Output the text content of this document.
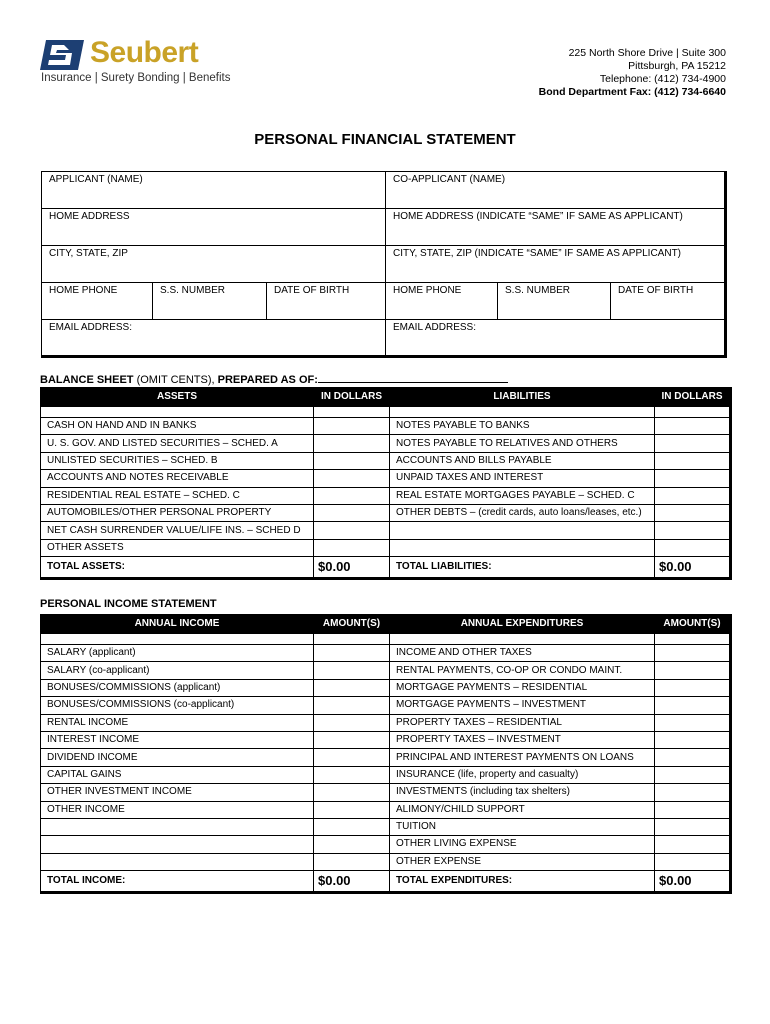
Seubert
Insurance | Surety Bonding | Benefits
225 North Shore Drive | Suite 300
Pittsburgh, PA 15212
Telephone: (412) 734-4900
Bond Department Fax: (412) 734-6640
PERSONAL FINANCIAL STATEMENT
APPLICANT (NAME)	CO-APPLICANT (NAME)
HOME ADDRESS	HOME ADDRESS (INDICATE “SAME” IF SAME AS APPLICANT)
CITY, STATE, ZIP	CITY, STATE, ZIP (INDICATE “SAME” IF SAME AS APPLICANT)
HOME PHONE	S.S. NUMBER	DATE OF BIRTH	HOME PHONE	S.S. NUMBER	DATE OF BIRTH
EMAIL ADDRESS:	EMAIL ADDRESS:
BALANCE SHEET (OMIT CENTS), PREPARED AS OF:
ASSETS	IN DOLLARS	LIABILITIES	IN DOLLARS

CASH ON HAND AND IN BANKS		NOTES PAYABLE TO BANKS	
U. S. GOV. AND LISTED SECURITIES – SCHED. A		NOTES PAYABLE TO RELATIVES AND OTHERS	
UNLISTED SECURITIES – SCHED. B		ACCOUNTS AND BILLS PAYABLE	
ACCOUNTS AND NOTES RECEIVABLE		UNPAID TAXES AND INTEREST	
RESIDENTIAL REAL ESTATE – SCHED. C		REAL ESTATE MORTGAGES PAYABLE – SCHED. C	
AUTOMOBILES/OTHER PERSONAL PROPERTY		OTHER DEBTS – (credit cards, auto loans/leases, etc.)	
NET CASH SURRENDER VALUE/LIFE INS. – SCHED D			
OTHER ASSETS			
TOTAL ASSETS:	$0.00	TOTAL LIABILITIES:	$0.00
PERSONAL INCOME STATEMENT
ANNUAL INCOME	AMOUNT(S)	ANNUAL EXPENDITURES	AMOUNT(S)

SALARY (applicant)		INCOME AND OTHER TAXES	
SALARY (co-applicant)		RENTAL PAYMENTS, CO-OP OR CONDO MAINT.	
BONUSES/COMMISSIONS (applicant)		MORTGAGE PAYMENTS – RESIDENTIAL	
BONUSES/COMMISSIONS (co-applicant)		MORTGAGE PAYMENTS – INVESTMENT	
RENTAL INCOME		PROPERTY TAXES – RESIDENTIAL	
INTEREST INCOME		PROPERTY TAXES – INVESTMENT	
DIVIDEND INCOME		PRINCIPAL AND INTEREST PAYMENTS ON LOANS	
CAPITAL GAINS		INSURANCE (life, property and casualty)	
OTHER INVESTMENT INCOME		INVESTMENTS (including tax shelters)	
OTHER INCOME		ALIMONY/CHILD SUPPORT	
		TUITION	
		OTHER LIVING EXPENSE	
		OTHER EXPENSE	
TOTAL INCOME:	$0.00	TOTAL EXPENDITURES:	$0.00
